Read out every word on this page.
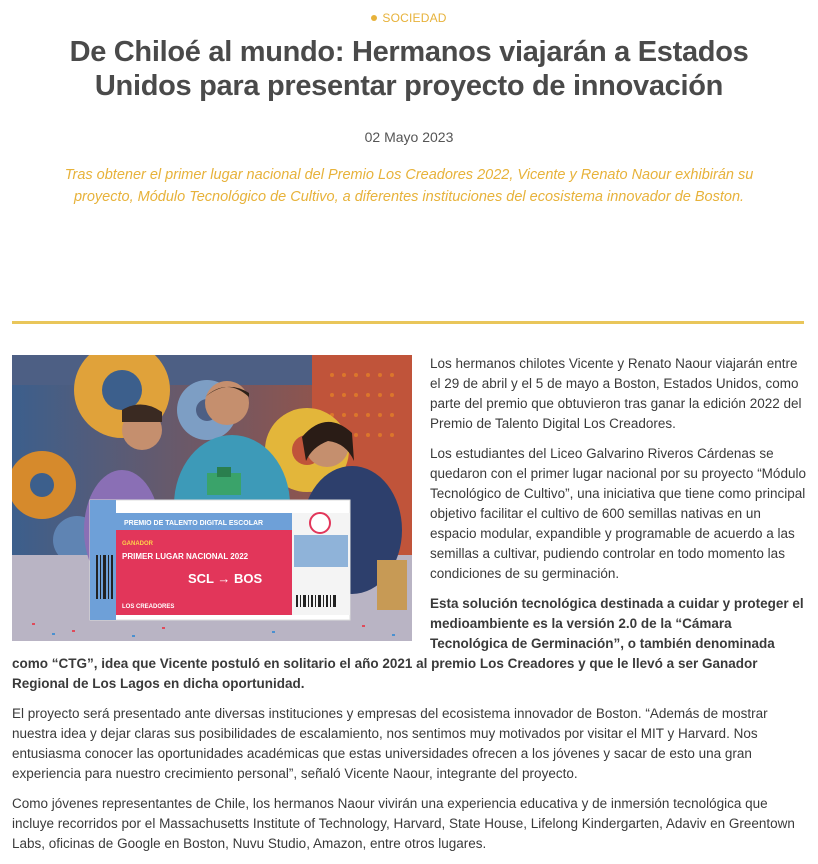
SOCIEDAD
De Chiloé al mundo: Hermanos viajarán a Estados Unidos para presentar proyecto de innovación
02 Mayo 2023

Tras obtener el primer lugar nacional del Premio Los Creadores 2022, Vicente y Renato Naour exhibirán su proyecto, Módulo Tecnológico de Cultivo, a diferentes instituciones del ecosistema innovador de Boston.

PREMIO DE TALENTO DIGITAL ESCOLAR
GANADOR
PRIMER LUGAR NACIONAL 2022
SCL → BOS
LOS CREADORES

Los hermanos chilotes Vicente y Renato Naour viajarán entre el 29 de abril y el 5 de mayo a Boston, Estados Unidos, como parte del premio que obtuvieron tras ganar la edición 2022 del Premio de Talento Digital Los Creadores.

Los estudiantes del Liceo Galvarino Riveros Cárdenas se quedaron con el primer lugar nacional por su proyecto “Módulo Tecnológico de Cultivo”, una iniciativa que tiene como principal objetivo facilitar el cultivo de 600 semillas nativas en un espacio modular, expandible y programable de acuerdo a las semillas a cultivar, pudiendo controlar en todo momento las condiciones de su germinación.

Esta solución tecnológica destinada a cuidar y proteger el medioambiente es la versión 2.0 de la “Cámara Tecnológica de Germinación”, o también denominada como “CTG”, idea que Vicente postuló en solitario el año 2021 al premio Los Creadores y que le llevó a ser Ganador Regional de Los Lagos en dicha oportunidad.

El proyecto será presentado ante diversas instituciones y empresas del ecosistema innovador de Boston. “Además de mostrar nuestra idea y dejar claras sus posibilidades de escalamiento, nos sentimos muy motivados por visitar el MIT y Harvard. Nos entusiasma conocer las oportunidades académicas que estas universidades ofrecen a los jóvenes y sacar de esto una gran experiencia para nuestro crecimiento personal”, señaló Vicente Naour, integrante del proyecto.

Como jóvenes representantes de Chile, los hermanos Naour vivirán una experiencia educativa y de inmersión tecnológica que incluye recorridos por el Massachusetts Institute of Technology, Harvard, State House, Lifelong Kindergarten, Adaviv en Greentown Labs, oficinas de Google en Boston, Nuvu Studio, Amazon, entre otros lugares.
